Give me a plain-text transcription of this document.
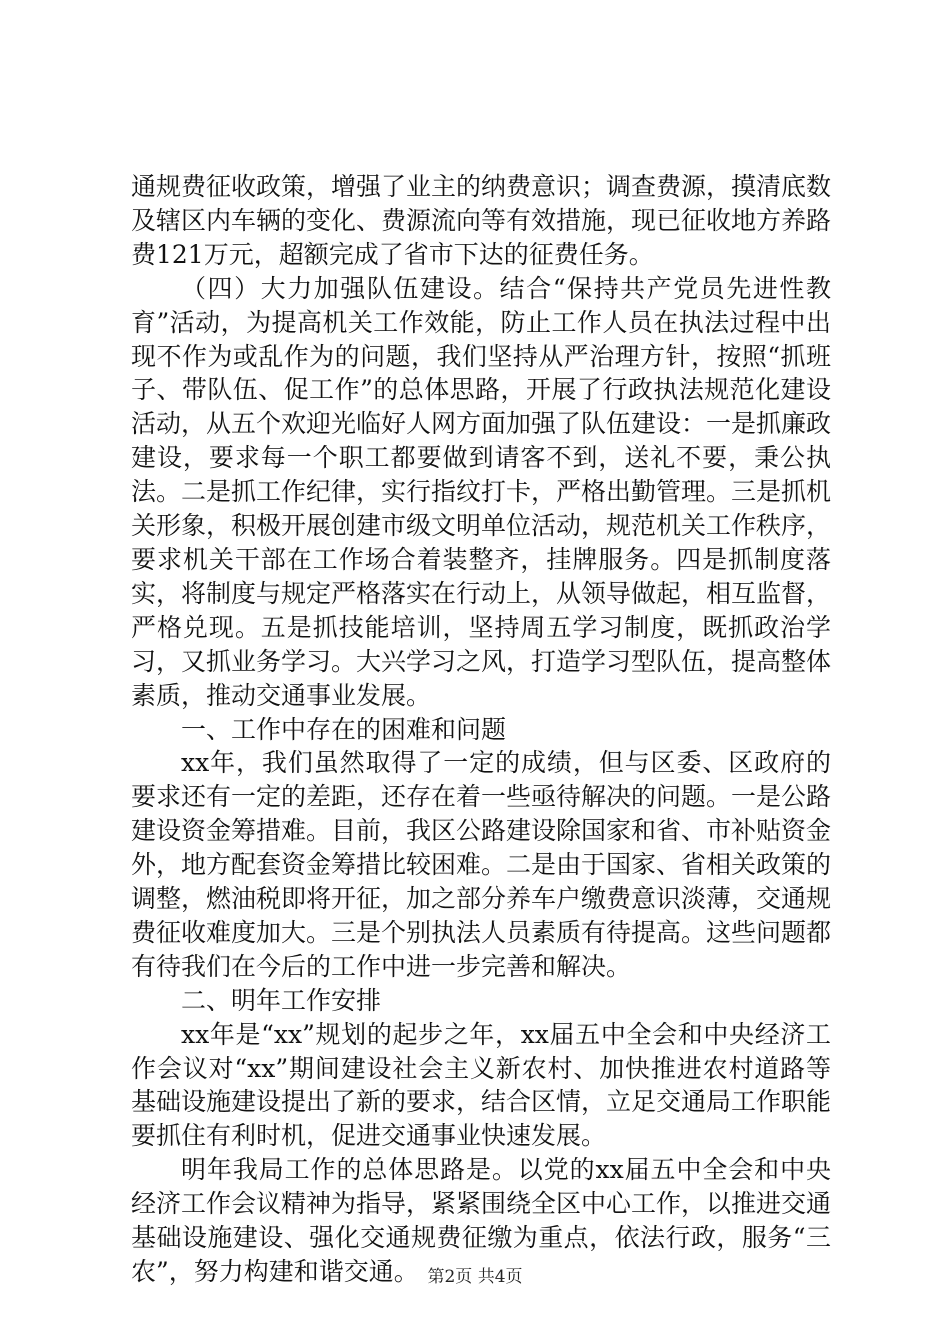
通规费征收政策，增强了业主的纳费意识；调查费源，摸清底数及辖区内车辆的变化、费源流向等有效措施，现已征收地方养路费121万元，超额完成了省市下达的征费任务。

（四）大力加强队伍建设。结合“保持共产党员先进性教育”活动，为提高机关工作效能，防止工作人员在执法过程中出现不作为或乱作为的问题，我们坚持从严治理方针，按照“抓班子、带队伍、促工作”的总体思路，开展了行政执法规范化建设活动，从五个欢迎光临好人网方面加强了队伍建设：一是抓廉政建设，要求每一个职工都要做到请客不到，送礼不要，秉公执法。二是抓工作纪律，实行指纹打卡，严格出勤管理。三是抓机关形象，积极开展创建市级文明单位活动，规范机关工作秩序，要求机关干部在工作场合着装整齐，挂牌服务。四是抓制度落实，将制度与规定严格落实在行动上，从领导做起，相互监督，严格兑现。五是抓技能培训，坚持周五学习制度，既抓政治学习，又抓业务学习。大兴学习之风，打造学习型队伍，提高整体素质，推动交通事业发展。

一、工作中存在的困难和问题

xx年，我们虽然取得了一定的成绩，但与区委、区政府的要求还有一定的差距，还存在着一些亟待解决的问题。一是公路建设资金筹措难。目前，我区公路建设除国家和省、市补贴资金外，地方配套资金筹措比较困难。二是由于国家、省相关政策的调整，燃油税即将开征，加之部分养车户缴费意识淡薄，交通规费征收难度加大。三是个别执法人员素质有待提高。这些问题都有待我们在今后的工作中进一步完善和解决。

二、明年工作安排

xx年是“xx”规划的起步之年，xx届五中全会和中央经济工作会议对“xx”期间建设社会主义新农村、加快推进农村道路等基础设施建设提出了新的要求，结合区情，立足交通局工作职能要抓住有利时机，促进交通事业快速发展。

明年我局工作的总体思路是。以党的xx届五中全会和中央经济工作会议精神为指导，紧紧围绕全区中心工作，以推进交通基础设施建设、强化交通规费征缴为重点，依法行政，服务“三农”，努力构建和谐交通。 第2页 共4页
